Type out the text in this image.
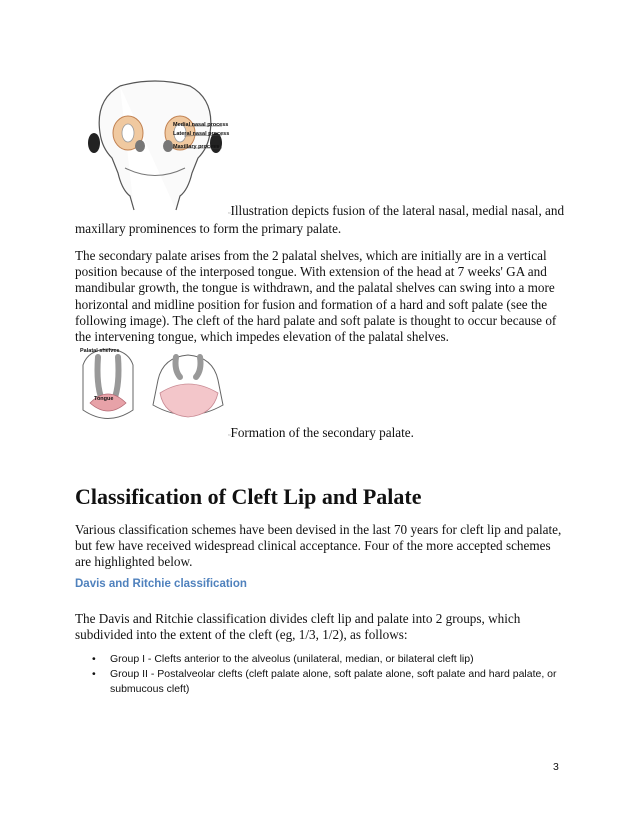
Medial nasal process
Lateral nasal process
Maxillary process
▫Illustration depicts fusion of the lateral nasal, medial nasal, and
maxillary prominences to form the primary palate.
The secondary palate arises from the 2 palatal shelves, which are initially are in a vertical position because of the interposed tongue. With extension of the head at 7 weeks' GA and mandibular growth, the tongue is withdrawn, and the palatal shelves can swing into a more horizontal and midline position for fusion and formation of a hard and soft palate (see the following image). The cleft of the hard palate and soft palate is thought to occur because of the intervening tongue, which impedes elevation of the palatal shelves.
Palatal shelves
Tongue
▫Formation of the secondary palate.
Classification of Cleft Lip and Palate
Various classification schemes have been devised in the last 70 years for cleft lip and palate, but few have received widespread clinical acceptance. Four of the more accepted schemes are highlighted below.
Davis and Ritchie classification
The Davis and Ritchie classification divides cleft lip and palate into 2 groups, which subdivided into the extent of the cleft (eg, 1/3, 1/2), as follows:
• Group I - Clefts anterior to the alveolus (unilateral, median, or bilateral cleft lip)
• Group II - Postalveolar clefts (cleft palate alone, soft palate alone, soft palate and hard palate, or submucous cleft)
3
